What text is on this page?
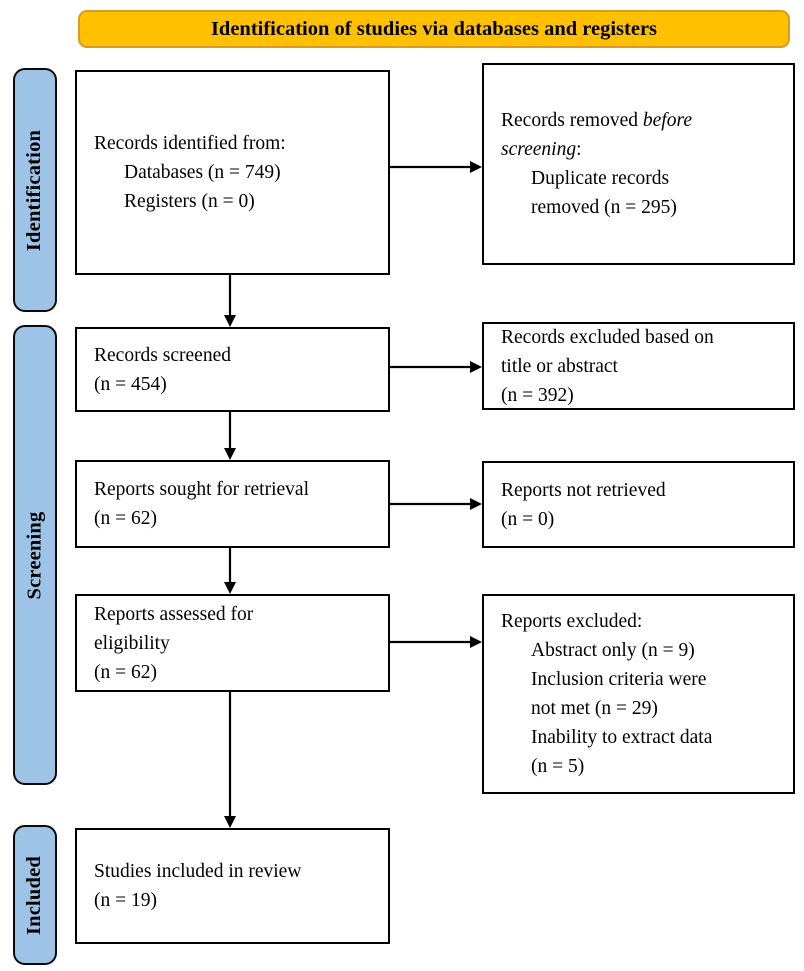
Identification of studies via databases and registers
Identification
Screening
Included
Records identified from:
Databases (n = 749)
Registers (n = 0)
Records screened
(n = 454)
Reports sought for retrieval
(n = 62)
Reports assessed for
eligibility
(n = 62)
Studies included in review
(n = 19)
Records removed before
screening:
Duplicate records
removed (n = 295)
Records excluded based on
title or abstract
(n = 392)
Reports not retrieved
(n = 0)
Reports excluded:
Abstract only (n = 9)
Inclusion criteria were
not met (n = 29)
Inability to extract data
(n = 5)
